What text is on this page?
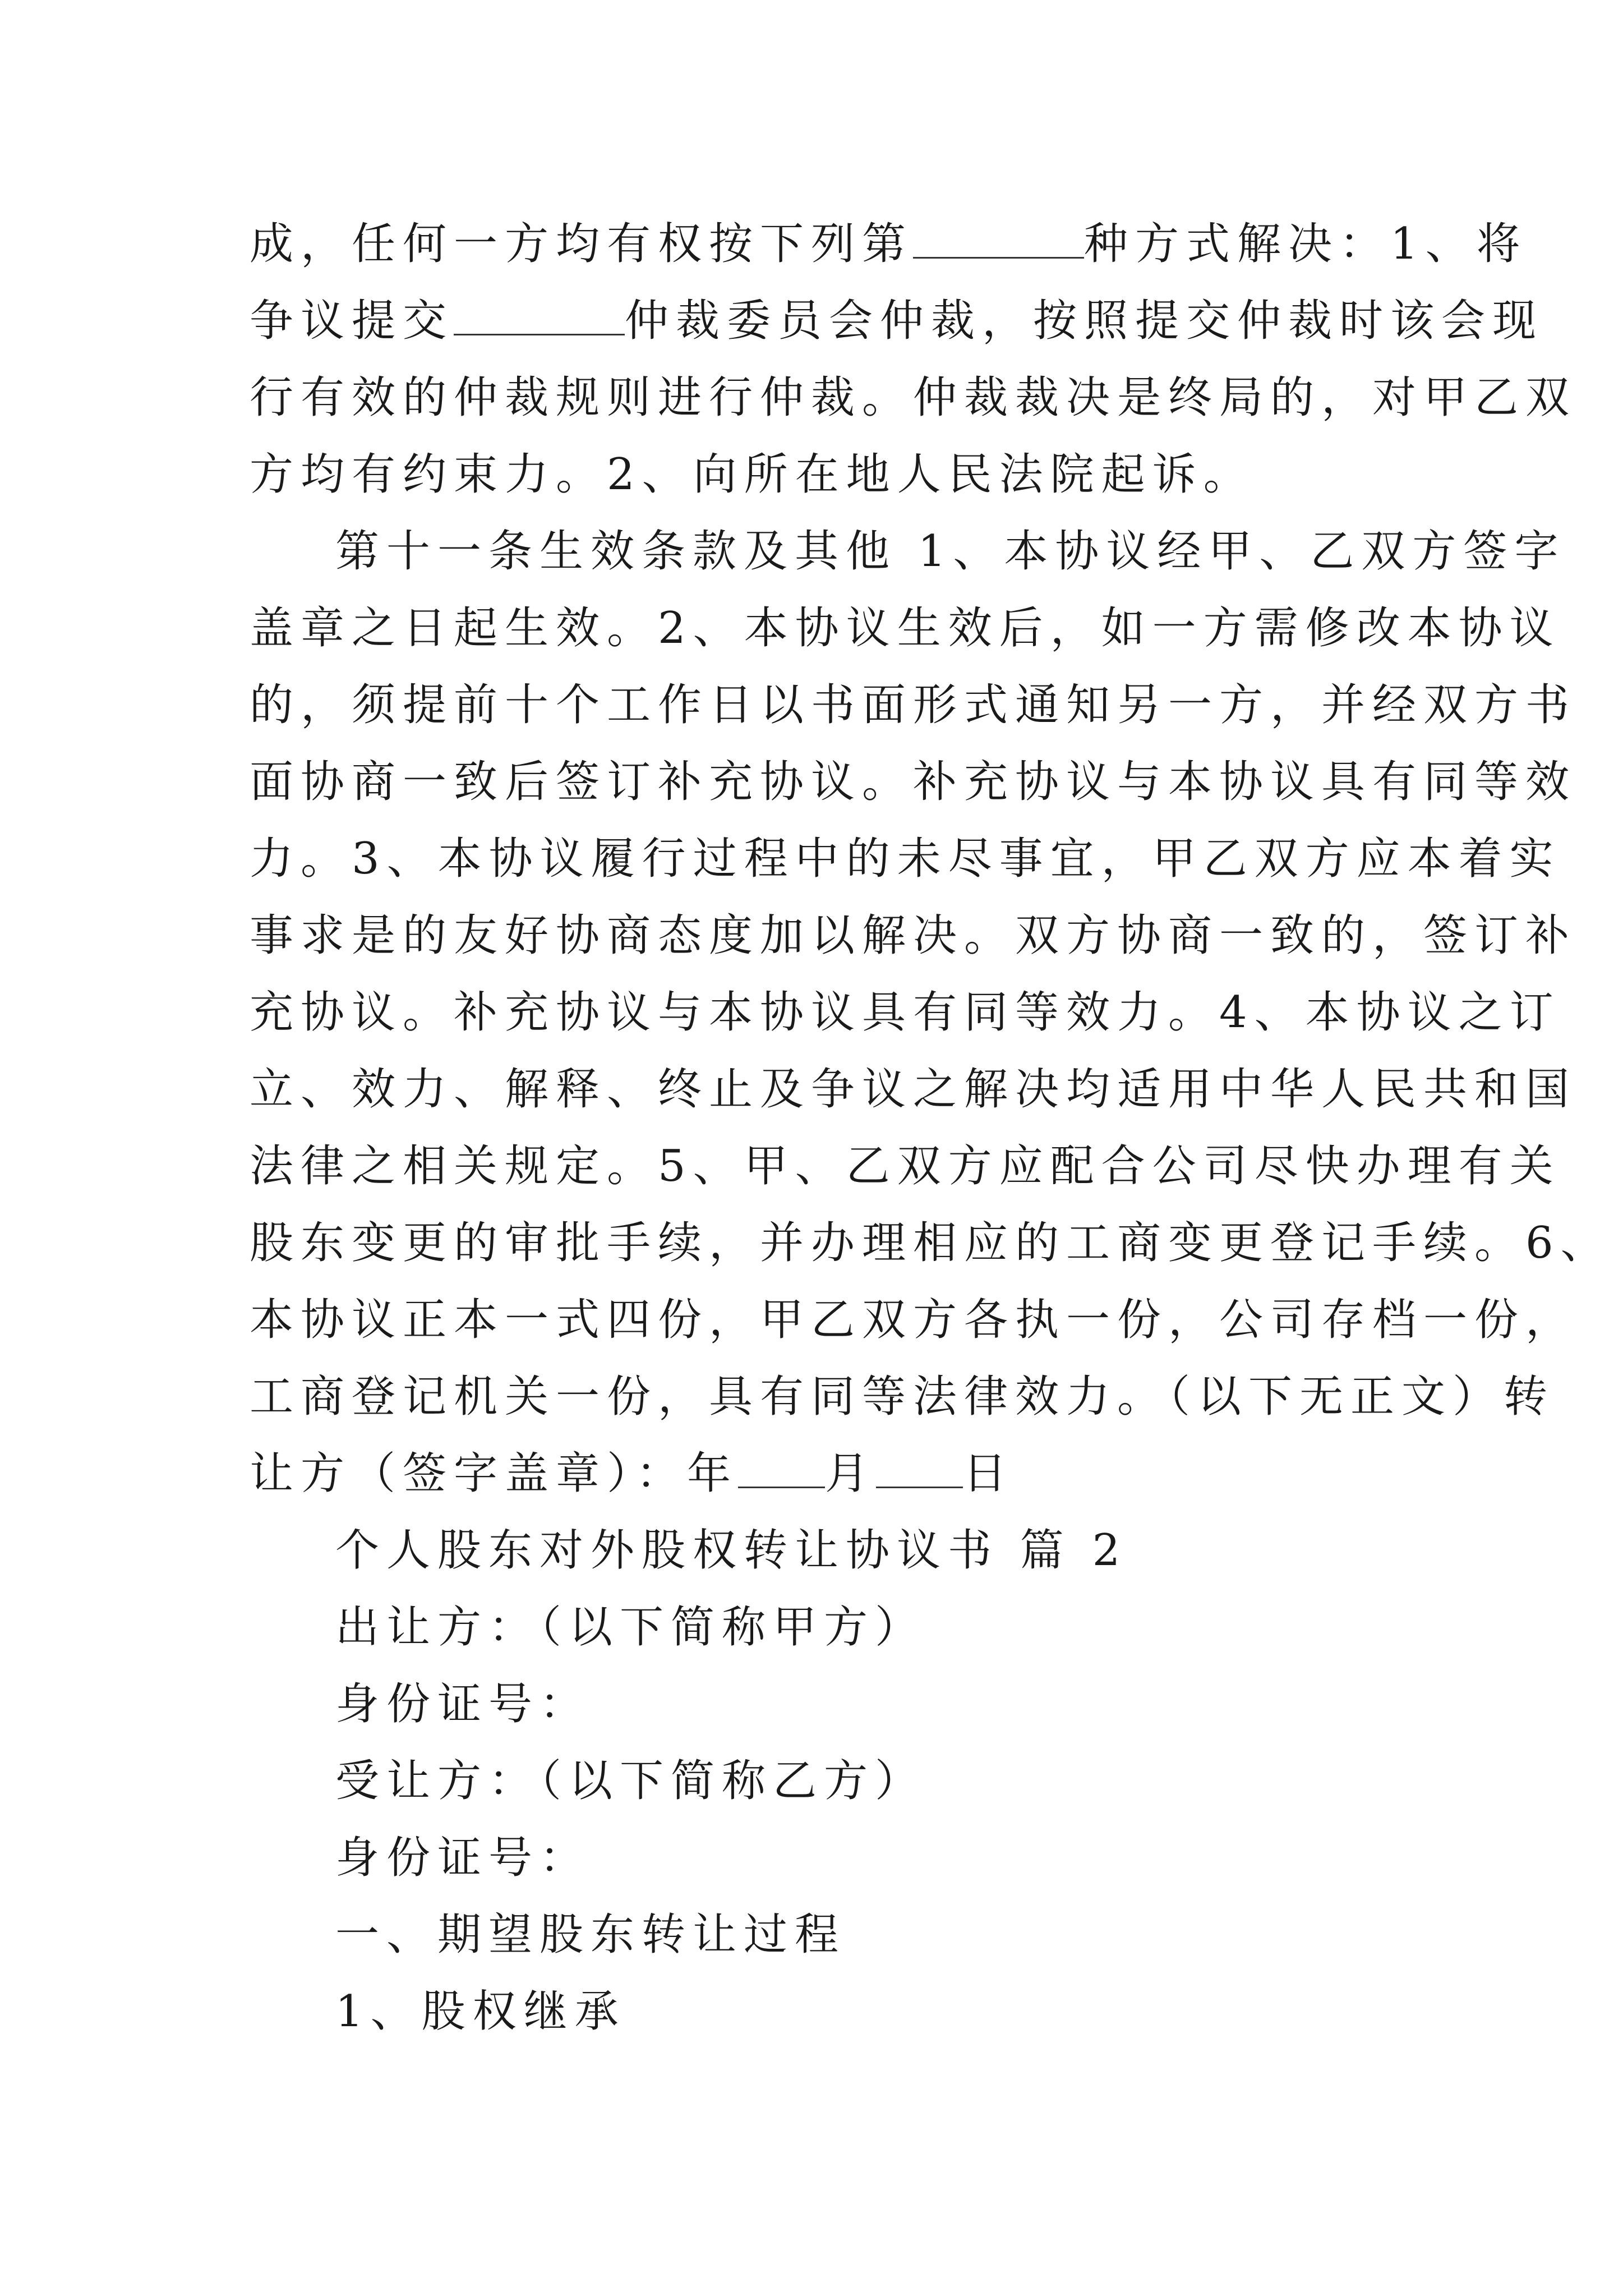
成，任何一方均有权按下列第	种方式解决：1、将
争议提交	仲裁委员会仲裁，按照提交仲裁时该会现
行有效的仲裁规则进行仲裁。仲裁裁决是终局的，对甲乙双
方均有约束力。2、向所在地人民法院起诉。
第十一条生效条款及其他 1、本协议经甲、乙双方签字
盖章之日起生效。2、本协议生效后，如一方需修改本协议
的，须提前十个工作日以书面形式通知另一方，并经双方书
面协商一致后签订补充协议。补充协议与本协议具有同等效
力。3、本协议履行过程中的未尽事宜，甲乙双方应本着实
事求是的友好协商态度加以解决。双方协商一致的，签订补
充协议。补充协议与本协议具有同等效力。4、本协议之订
立、效力、解释、终止及争议之解决均适用中华人民共和国
法律之相关规定。5、甲、乙双方应配合公司尽快办理有关
股东变更的审批手续，并办理相应的工商变更登记手续。6、
本协议正本一式四份，甲乙双方各执一份，公司存档一份，
工商登记机关一份，具有同等法律效力。（以下无正文）转
让方（签字盖章）：年 月 日
个人股东对外股权转让协议书 篇 2
出让方：（以下简称甲方）
身份证号：
受让方：（以下简称乙方）
身份证号：
一、期望股东转让过程
1、股权继承
